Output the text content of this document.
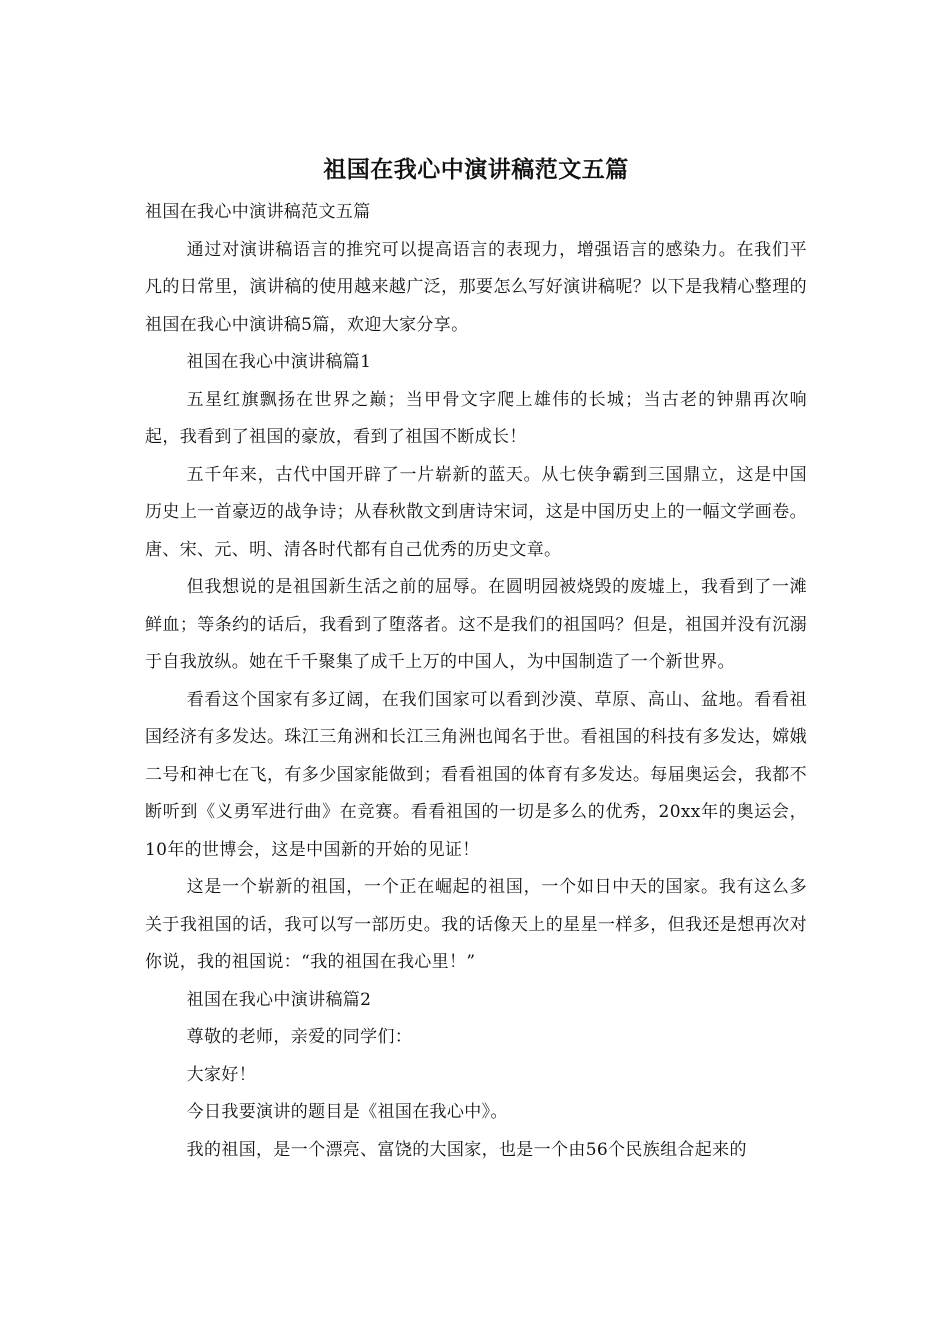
祖国在我心中演讲稿范文五篇

祖国在我心中演讲稿范文五篇

通过对演讲稿语言的推究可以提高语言的表现力，增强语言的感染力。在我们平凡的日常里，演讲稿的使用越来越广泛，那要怎么写好演讲稿呢？以下是我精心整理的祖国在我心中演讲稿5篇，欢迎大家分享。

祖国在我心中演讲稿篇1

五星红旗飘扬在世界之巅；当甲骨文字爬上雄伟的长城；当古老的钟鼎再次响起，我看到了祖国的豪放，看到了祖国不断成长！

五千年来，古代中国开辟了一片崭新的蓝天。从七侠争霸到三国鼎立，这是中国历史上一首豪迈的战争诗；从春秋散文到唐诗宋词，这是中国历史上的一幅文学画卷。唐、宋、元、明、清各时代都有自己优秀的历史文章。

但我想说的是祖国新生活之前的屈辱。在圆明园被烧毁的废墟上，我看到了一滩鲜血；等条约的话后，我看到了堕落者。这不是我们的祖国吗？但是，祖国并没有沉溺于自我放纵。她在千千聚集了成千上万的中国人，为中国制造了一个新世界。

看看这个国家有多辽阔，在我们国家可以看到沙漠、草原、高山、盆地。看看祖国经济有多发达。珠江三角洲和长江三角洲也闻名于世。看祖国的科技有多发达，嫦娥二号和神七在飞，有多少国家能做到；看看祖国的体育有多发达。每届奥运会，我都不断听到《义勇军进行曲》在竞赛。看看祖国的一切是多么的优秀，20xx年的奥运会，10年的世博会，这是中国新的开始的见证！

这是一个崭新的祖国，一个正在崛起的祖国，一个如日中天的国家。我有这么多关于我祖国的话，我可以写一部历史。我的话像天上的星星一样多，但我还是想再次对你说，我的祖国说：“我的祖国在我心里！”

祖国在我心中演讲稿篇2

尊敬的老师，亲爱的同学们：

大家好！

今日我要演讲的题目是《祖国在我心中》。

我的祖国，是一个漂亮、富饶的大国家，也是一个由56个民族组合起来的
